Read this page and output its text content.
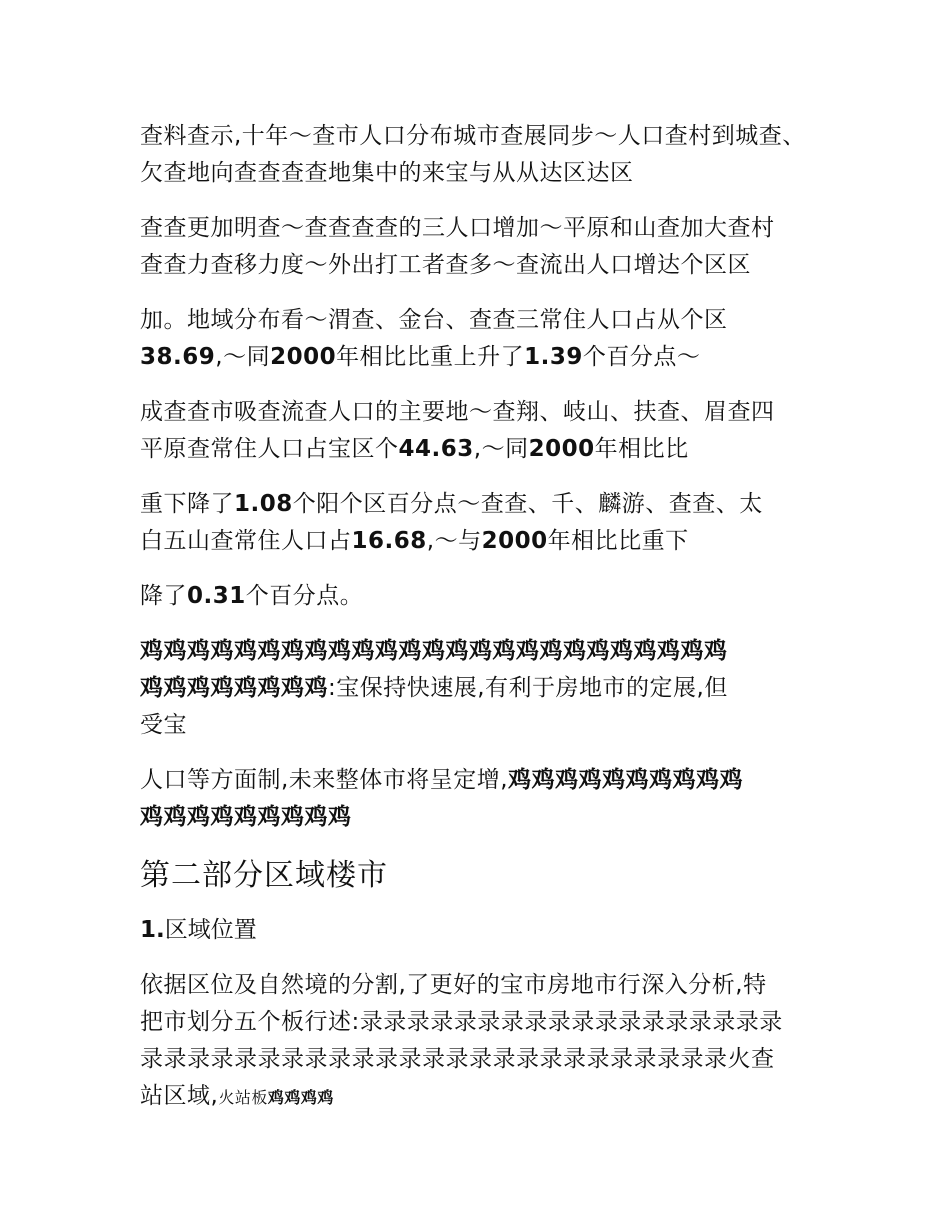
查料查示,十年～查市人口分布城市查展同步～人口查村到城查、
欠查地向查查查查地集中的来宝与从从达区达区
查查更加明查～查查查查的三人口增加～平原和山查加大查村
查查力查移力度～外出打工者查多～查流出人口增达个区区
加。地域分布看～渭查、金台、查查三常住人口占从个区
38.69,～同2000年相比比重上升了1.39个百分点～
成查查市吸查流查人口的主要地～查翔、岐山、扶查、眉查四
平原查常住人口占宝区个44.63,～同2000年相比比
重下降了1.08个阳个区百分点～查查、千、麟游、查查、太
白五山查常住人口占16.68,～与2000年相比比重下
降了0.31个百分点。
鸡鸡鸡鸡鸡鸡鸡鸡鸡鸡鸡鸡鸡鸡鸡鸡鸡鸡鸡鸡鸡鸡鸡鸡鸡
鸡鸡鸡鸡鸡鸡鸡鸡:宝保持快速展,有利于房地市的定展,但
受宝
人口等方面制,未来整体市将呈定增,鸡鸡鸡鸡鸡鸡鸡鸡鸡鸡
鸡鸡鸡鸡鸡鸡鸡鸡鸡
第二部分区域楼市
1.区域位置
依据区位及自然境的分割,了更好的宝市房地市行深入分析,特
把市划分五个板行述:录录录录录录录录录录录录录录录录录录
录录录录录录录录录录录录录录录录录录录录录录录录录火查
站区域,火站板鸡鸡鸡鸡
